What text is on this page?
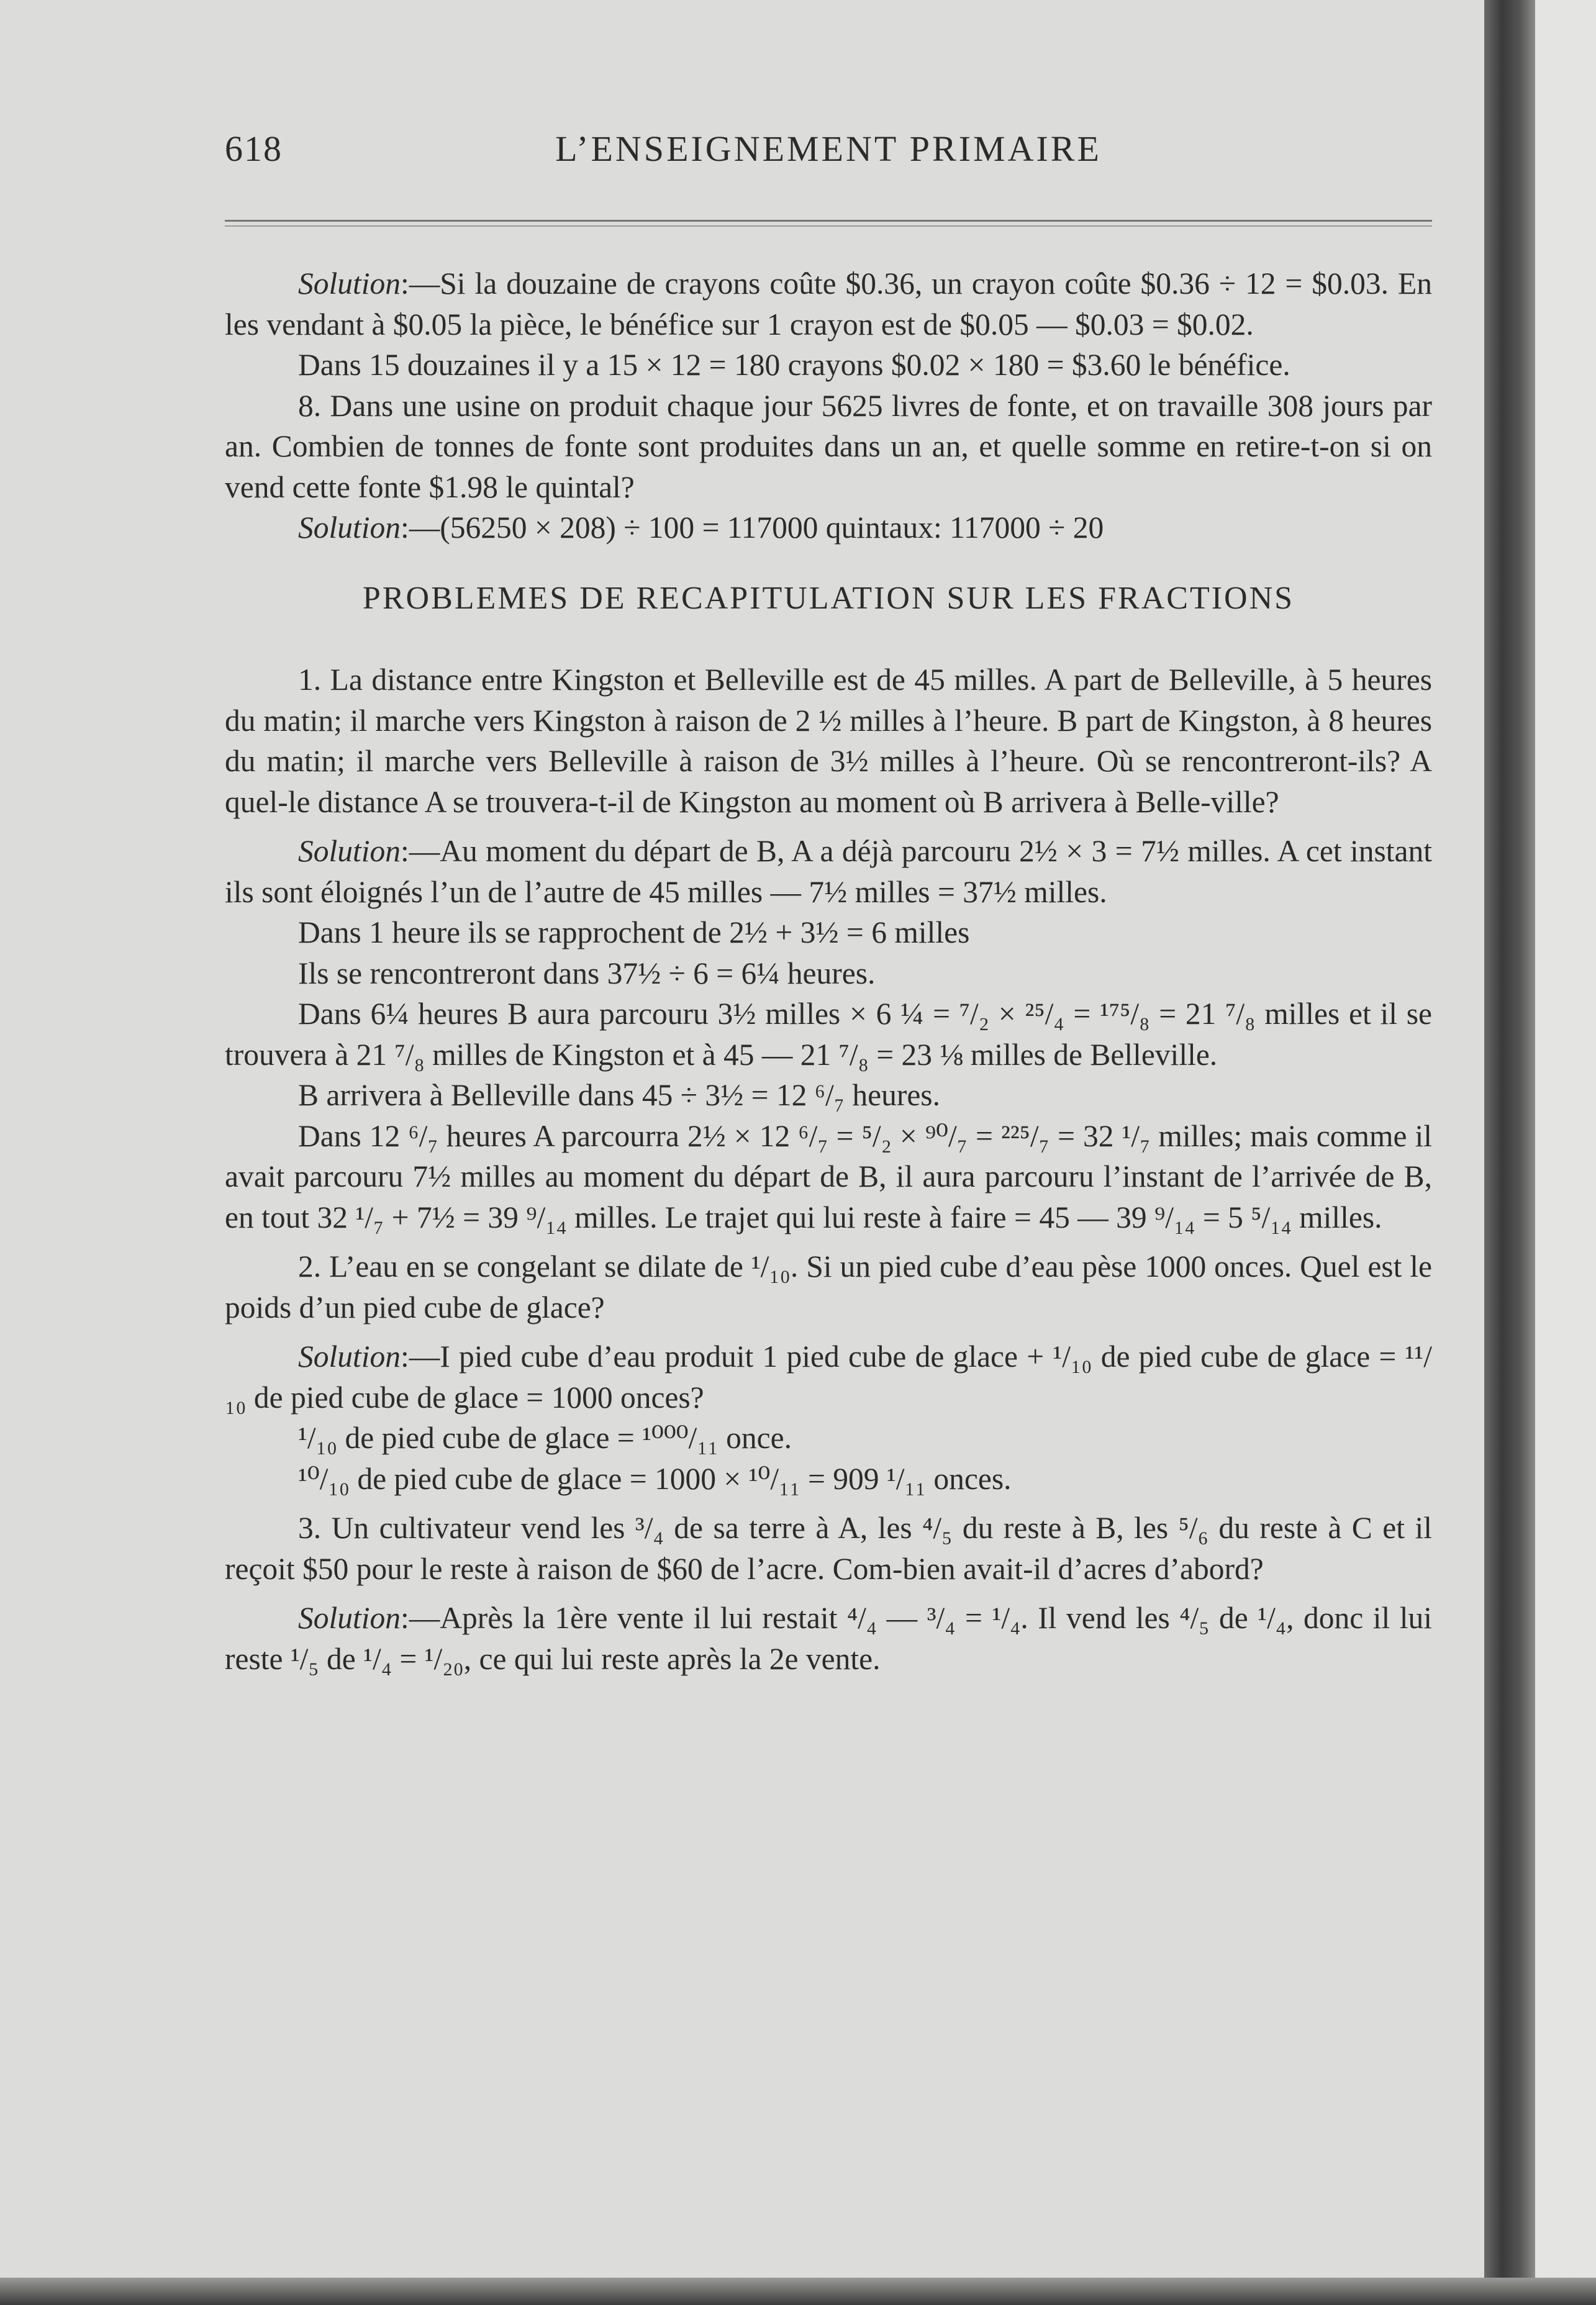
618	L’ENSEIGNEMENT PRIMAIRE

Solution:—Si la douzaine de crayons coûte $0.36, un crayon coûte $0.36 ÷ 12 = $0.03. En les vendant à $0.05 la pièce, le bénéfice sur 1 crayon est de $0.05 — $0.03 = $0.02.

Dans 15 douzaines il y a 15 × 12 = 180 crayons $0.02 × 180 = $3.60 le bénéfice.

8. Dans une usine on produit chaque jour 5625 livres de fonte, et on travaille 308 jours par an. Combien de tonnes de fonte sont produites dans un an, et quelle somme en retire-t-on si on vend cette fonte $1.98 le quintal?

Solution:—(56250 × 208) ÷ 100 = 117000 quintaux: 117000 ÷ 20

PROBLEMES DE RECAPITULATION SUR LES FRACTIONS

1. La distance entre Kingston et Belleville est de 45 milles. A part de Belleville, à 5 heures du matin; il marche vers Kingston à raison de 2 ½ milles à l’heure. B part de Kingston, à 8 heures du matin; il marche vers Belleville à raison de 3½ milles à l’heure. Où se rencontreront-ils? A quel-le distance A se trouvera-t-il de Kingston au moment où B arrivera à Belle-ville?

Solution:—Au moment du départ de B, A a déjà parcouru 2½ × 3 = 7½ milles. A cet instant ils sont éloignés l’un de l’autre de 45 milles — 7½ milles = 37½ milles.

Dans 1 heure ils se rapprochent de 2½ + 3½ = 6 milles

Ils se rencontreront dans 37½ ÷ 6 = 6¼ heures.

Dans 6¼ heures B aura parcouru 3½ milles × 6 ¼ = ⁷/₂ × ²⁵/₄ = ¹⁷⁵/₈ = 21 ⁷/₈ milles et il se trouvera à 21 ⁷/₈ milles de Kingston et à 45 — 21 ⁷/₈ = 23 ⅛ milles de Belleville.

B arrivera à Belleville dans 45 ÷ 3½ = 12 ⁶/₇ heures.

Dans 12 ⁶/₇ heures A parcourra 2½ × 12 ⁶/₇ = ⁵/₂ × ⁹⁰/₇ = ²²⁵/₇ = 32 ¹/₇ milles; mais comme il avait parcouru 7½ milles au moment du départ de B, il aura parcouru l’instant de l’arrivée de B, en tout 32 ¹/₇ + 7½ = 39 ⁹/₁₄ milles. Le trajet qui lui reste à faire = 45 — 39 ⁹/₁₄ = 5 ⁵/₁₄ milles.

2. L’eau en se congelant se dilate de ¹/₁₀. Si un pied cube d’eau pèse 1000 onces. Quel est le poids d’un pied cube de glace?

Solution:—I pied cube d’eau produit 1 pied cube de glace + ¹/₁₀ de pied cube de glace = ¹¹/₁₀ de pied cube de glace = 1000 onces?

¹/₁₀ de pied cube de glace = ¹⁰⁰⁰/₁₁ once.

¹⁰/₁₀ de pied cube de glace = 1000 × ¹⁰/₁₁ = 909 ¹/₁₁ onces.

3. Un cultivateur vend les ³/₄ de sa terre à A, les ⁴/₅ du reste à B, les ⁵/₆ du reste à C et il reçoit $50 pour le reste à raison de $60 de l’acre. Com-bien avait-il d’acres d’abord?

Solution:—Après la 1ère vente il lui restait ⁴/₄ — ³/₄ = ¹/₄. Il vend les ⁴/₅ de ¹/₄, donc il lui reste ¹/₅ de ¹/₄ = ¹/₂₀, ce qui lui reste après la 2e vente.
